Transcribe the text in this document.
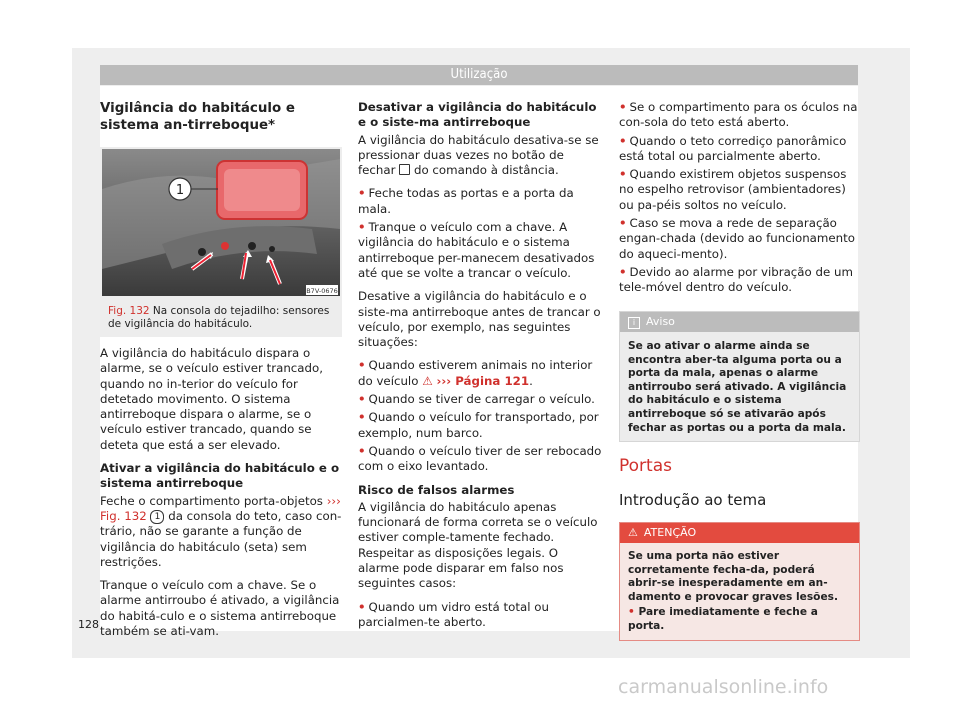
Utilização
Vigilância do habitáculo e sistema an-tirreboque*
1
B7V-0676
Fig. 132 Na consola do tejadilho: sensores de vigilância do habitáculo.

A vigilância do habitáculo dispara o alarme, se o veículo estiver trancado, quando no in-terior do veículo for detetado movimento. O sistema antirreboque dispara o alarme, se o veículo estiver trancado, quando se deteta que está a ser elevado.

Ativar a vigilância do habitáculo e o sistema antirreboque

Feche o compartimento porta-objetos ››› Fig. 132 1 da consola do teto, caso con-trário, não se garante a função de vigilância do habitáculo (seta) sem restrições.

Tranque o veículo com a chave. Se o alarme antirroubo é ativado, a vigilância do habitá-culo e o sistema antirreboque também se ati-vam.

Desativar a vigilância do habitáculo e o siste-ma antirreboque

A vigilância do habitáculo desativa-se se pressionar duas vezes no botão de fechar do comando à distância.

• Feche todas as portas e a porta da mala.
• Tranque o veículo com a chave. A vigilância do habitáculo e o sistema antirreboque per-manecem desativados até que se volte a trancar o veículo.

Desative a vigilância do habitáculo e o siste-ma antirreboque antes de trancar o veículo, por exemplo, nas seguintes situações:

• Quando estiverem animais no interior do veículo ⚠ ››› Página 121.
• Quando se tiver de carregar o veículo.
• Quando o veículo for transportado, por exemplo, num barco.
• Quando o veículo tiver de ser rebocado com o eixo levantado.

Risco de falsos alarmes

A vigilância do habitáculo apenas funcionará de forma correta se o veículo estiver comple-tamente fechado. Respeitar as disposições legais. O alarme pode disparar em falso nos seguintes casos:

• Quando um vidro está total ou parcialmen-te aberto.
• Se o compartimento para os óculos na con-sola do teto está aberto.
• Quando o teto corrediço panorâmico está total ou parcialmente aberto.
• Quando existirem objetos suspensos no espelho retrovisor (ambientadores) ou pa-péis soltos no veículo.
• Caso se mova a rede de separação engan-chada (devido ao funcionamento do aqueci-mento).
• Devido ao alarme por vibração de um tele-móvel dentro do veículo.
i Aviso
Se ao ativar o alarme ainda se encontra aber-ta alguma porta ou a porta da mala, apenas o alarme antirroubo será ativado. A vigilância do habitáculo e o sistema antirreboque só se ativarão após fechar as portas ou a porta da mala.
Portas
Introdução ao tema
⚠ ATENÇÃO
Se uma porta não estiver corretamente fecha-da, poderá abrir-se inesperadamente em an-damento e provocar graves lesões.
• Pare imediatamente e feche a porta.
128
carmanualsonline.info
